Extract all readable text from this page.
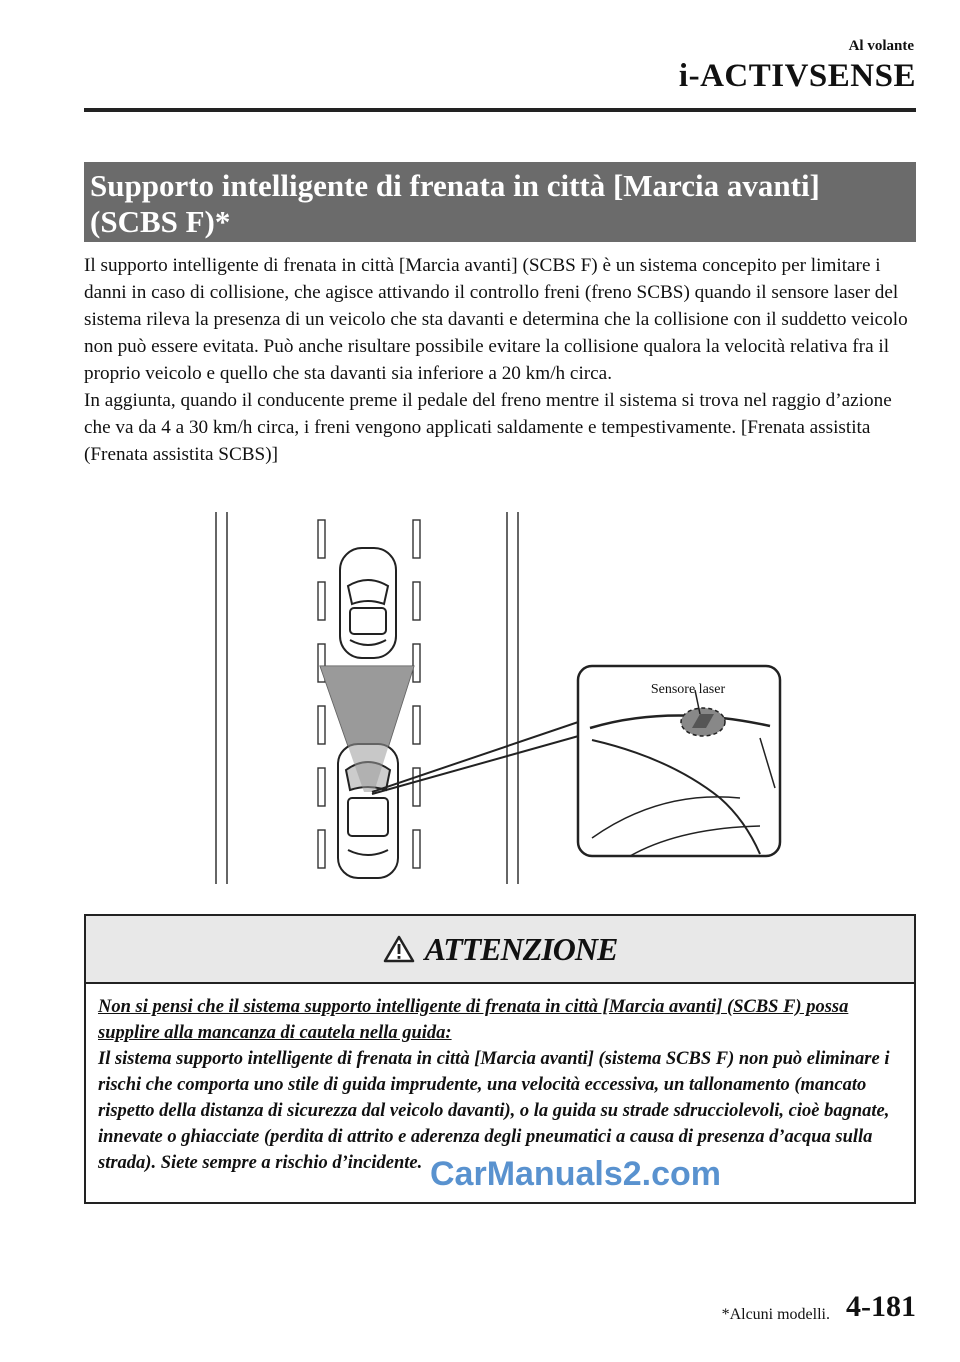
Al volante
i-ACTIVSENSE
Supporto intelligente di frenata in città [Marcia avanti]
(SCBS F)*

Il supporto intelligente di frenata in città [Marcia avanti] (SCBS F) è un sistema concepito per limitare i danni in caso di collisione, che agisce attivando il controllo freni (freno SCBS) quando il sensore laser del sistema rileva la presenza di un veicolo che sta davanti e determina che la collisione con il suddetto veicolo non può essere evitata. Può anche risultare possibile evitare la collisione qualora la velocità relativa fra il proprio veicolo e quello che sta davanti sia inferiore a 20 km/h circa.

In aggiunta, quando il conducente preme il pedale del freno mentre il sistema si trova nel raggio d’azione che va da 4 a 30 km/h circa, i freni vengono applicati saldamente e tempestivamente. [Frenata assistita (Frenata assistita SCBS)]

Sensore laser
ATTENZIONE
Non si pensi che il sistema supporto intelligente di frenata in città [Marcia avanti] (SCBS F) possa supplire alla mancanza di cautela nella guida:
Il sistema supporto intelligente di frenata in città [Marcia avanti] (sistema SCBS F) non può eliminare i rischi che comporta uno stile di guida imprudente, una velocità eccessiva, un tallonamento (mancato rispetto della distanza di sicurezza dal veicolo davanti), o la guida su strade sdrucciolevoli, cioè bagnate, innevate o ghiacciate (perdita di attrito e aderenza degli pneumatici a causa di presenza d’acqua sulla strada). Siete sempre a rischio d’incidente. CarManuals2.com
*Alcuni modelli. 4-181
